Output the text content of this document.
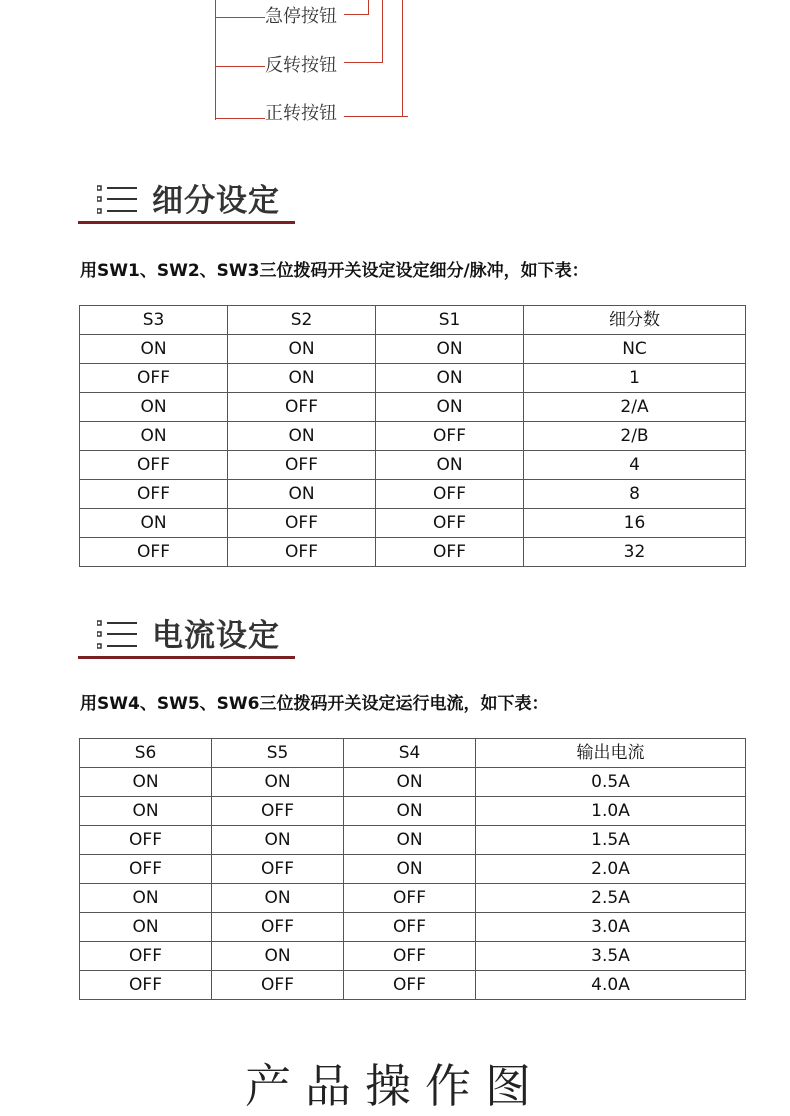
急停按钮
反转按钮
正转按钮
细分设定
用SW1、SW2、SW3三位拨码开关设定设定细分/脉冲，如下表：
S3	S2	S1	细分数
ON	ON	ON	NC
OFF	ON	ON	1
ON	OFF	ON	2/A
ON	ON	OFF	2/B
OFF	OFF	ON	4
OFF	ON	OFF	8
ON	OFF	OFF	16
OFF	OFF	OFF	32
电流设定
用SW4、SW5、SW6三位拨码开关设定运行电流，如下表：
S6	S5	S4	输出电流
ON	ON	ON	0.5A
ON	OFF	ON	1.0A
OFF	ON	ON	1.5A
OFF	OFF	ON	2.0A
ON	ON	OFF	2.5A
ON	OFF	OFF	3.0A
OFF	ON	OFF	3.5A
OFF	OFF	OFF	4.0A
产品操作图
